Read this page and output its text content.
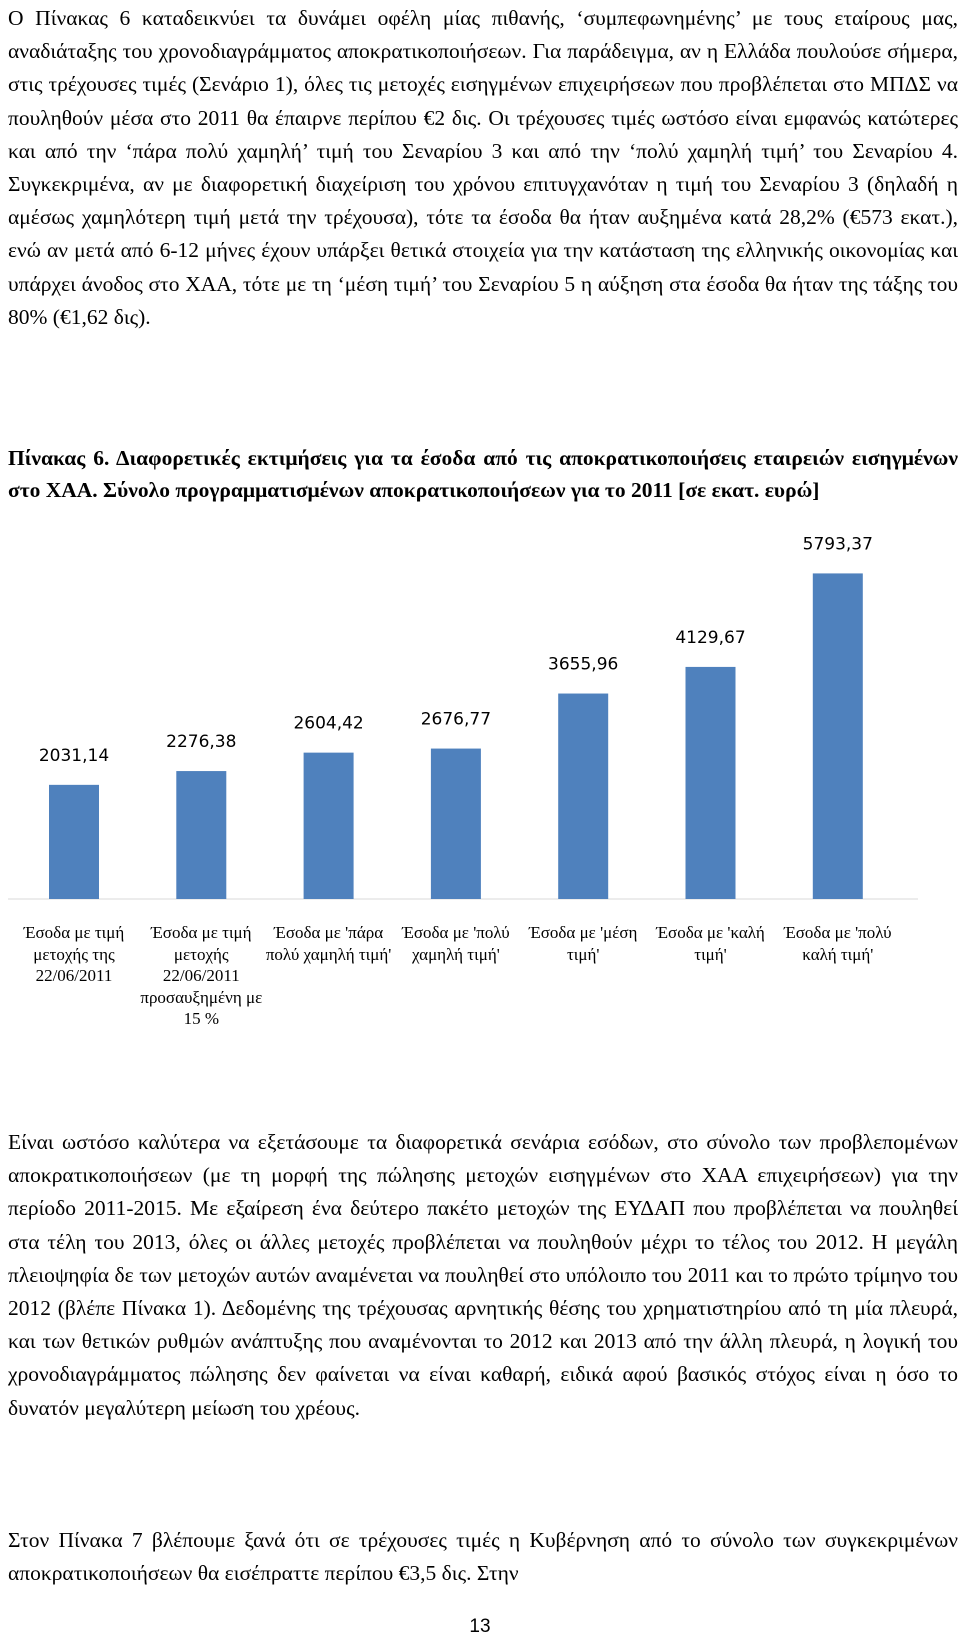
Ο Πίνακας 6 καταδεικνύει τα δυνάμει οφέλη μίας πιθανής, ‘συμπεφωνημένης’ με τους εταίρους μας, αναδιάταξης του χρονοδιαγράμματος αποκρατικοποιήσεων. Για παράδειγμα, αν η Ελλάδα πουλούσε σήμερα, στις τρέχουσες τιμές (Σενάριο 1), όλες τις μετοχές εισηγμένων επιχειρήσεων που προβλέπεται στο ΜΠΔΣ να πουληθούν μέσα στο 2011 θα έπαιρνε περίπου €2 δις. Οι τρέχουσες τιμές ωστόσο είναι εμφανώς κατώτερες και από την ‘πάρα πολύ χαμηλή’ τιμή του Σεναρίου 3 και από την ‘πολύ χαμηλή τιμή’ του Σεναρίου 4. Συγκεκριμένα, αν με διαφορετική διαχείριση του χρόνου επιτυγχανόταν η τιμή του Σεναρίου 3 (δηλαδή η αμέσως χαμηλότερη τιμή μετά την τρέχουσα), τότε τα έσοδα θα ήταν αυξημένα κατά 28,2% (€573 εκατ.), ενώ αν μετά από 6-12 μήνες έχουν υπάρξει θετικά στοιχεία για την κατάσταση της ελληνικής οικονομίας και υπάρχει άνοδος στο ΧΑΑ, τότε με τη ‘μέση τιμή’ του Σεναρίου 5 η αύξηση στα έσοδα θα ήταν της τάξης του 80% (€1,62 δις).

Πίνακας 6. Διαφορετικές εκτιμήσεις για τα έσοδα από τις αποκρατικοποιήσεις εταιρειών εισηγμένων στο ΧΑΑ. Σύνολο προγραμματισμένων αποκρατικοποιήσεων για το 2011 [σε εκατ. ευρώ]

2031,14
2276,38
2604,42	2676,77
3655,96
4129,67
5793,37
Έσοδα με τιμή μετοχής της 22/06/2011
Έσοδα με τιμή μετοχής 22/06/2011 προσαυξημένη με 15 %
Έσοδα με 'πάρα πολύ χαμηλή τιμή'
Έσοδα με 'πολύ χαμηλή τιμή'
Έσοδα με 'μέση τιμή'
Έσοδα με 'καλή τιμή'
Έσοδα με 'πολύ καλή τιμή'

Είναι ωστόσο καλύτερα να εξετάσουμε τα διαφορετικά σενάρια εσόδων, στο σύνολο των προβλεπομένων αποκρατικοποιήσεων (με τη μορφή της πώλησης μετοχών εισηγμένων στο ΧΑΑ επιχειρήσεων) για την περίοδο 2011-2015. Με εξαίρεση ένα δεύτερο πακέτο μετοχών της ΕΥΔΑΠ που προβλέπεται να πουληθεί στα τέλη του 2013, όλες οι άλλες μετοχές προβλέπεται να πουληθούν μέχρι το τέλος του 2012. Η μεγάλη πλειοψηφία δε των μετοχών αυτών αναμένεται να πουληθεί στο υπόλοιπο του 2011 και το πρώτο τρίμηνο του 2012 (βλέπε Πίνακα 1). Δεδομένης της τρέχουσας αρνητικής θέσης του χρηματιστηρίου από τη μία πλευρά, και των θετικών ρυθμών ανάπτυξης που αναμένονται το 2012 και 2013 από την άλλη πλευρά, η λογική του χρονοδιαγράμματος πώλησης δεν φαίνεται να είναι καθαρή, ειδικά αφού βασικός στόχος είναι η όσο το δυνατόν μεγαλύτερη μείωση του χρέους.

Στον Πίνακα 7 βλέπουμε ξανά ότι σε τρέχουσες τιμές η Κυβέρνηση από το σύνολο των συγκεκριμένων αποκρατικοποιήσεων θα εισέπραττε περίπου €3,5 δις. Στην

13
